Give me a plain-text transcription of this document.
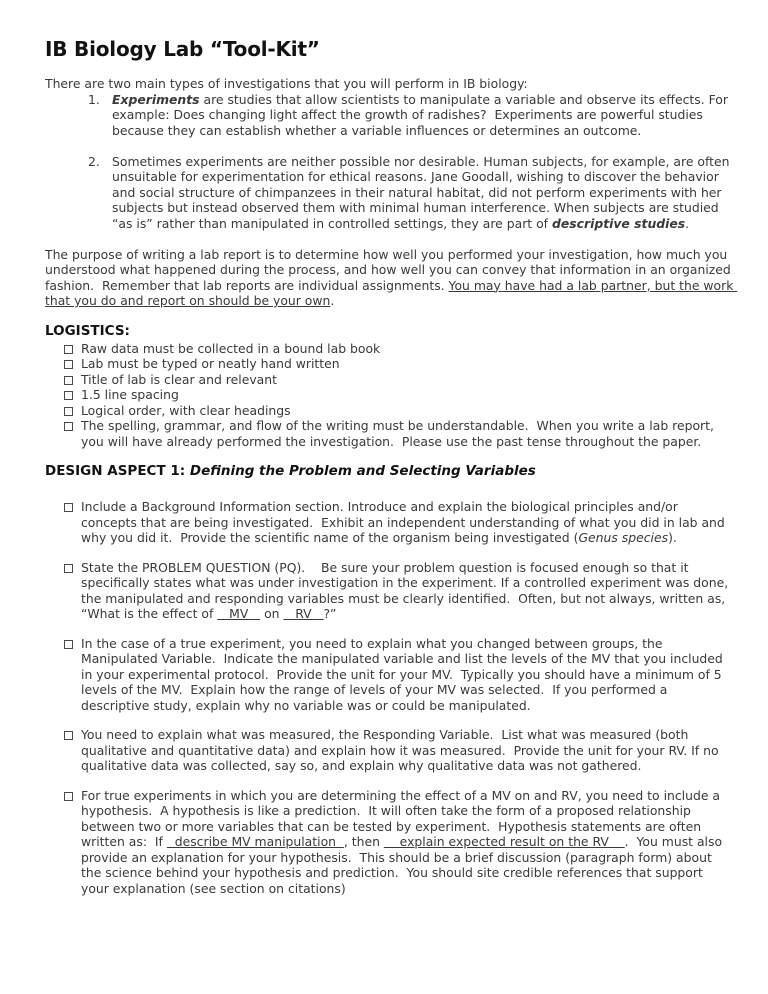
IB Biology Lab “Tool-Kit”

There are two main types of investigations that you will perform in IB biology:

1. Experiments are studies that allow scientists to manipulate a variable and observe its effects. For example: Does changing light affect the growth of radishes?  Experiments are powerful studies because they can establish whether a variable influences or determines an outcome.
2. Sometimes experiments are neither possible nor desirable. Human subjects, for example, are often unsuitable for experimentation for ethical reasons. Jane Goodall, wishing to discover the behavior and social structure of chimpanzees in their natural habitat, did not perform experiments with her subjects but instead observed them with minimal human interference. When subjects are studied “as is” rather than manipulated in controlled settings, they are part of descriptive studies.

The purpose of writing a lab report is to determine how well you performed your investigation, how much you understood what happened during the process, and how well you can convey that information in an organized fashion.  Remember that lab reports are individual assignments. You may have had a lab partner, but the work that you do and report on should be your own.

LOGISTICS:
Raw data must be collected in a bound lab book
Lab must be typed or neatly hand written
Title of lab is clear and relevant
1.5 line spacing
Logical order, with clear headings
The spelling, grammar, and flow of the writing must be understandable.  When you write a lab report, you will have already performed the investigation.  Please use the past tense throughout the paper.
DESIGN ASPECT 1: Defining the Problem and Selecting Variables
Include a Background Information section. Introduce and explain the biological principles and/or concepts that are being investigated.  Exhibit an independent understanding of what you did in lab and why you did it.  Provide the scientific name of the organism being investigated (Genus species).
State the PROBLEM QUESTION (PQ).    Be sure your problem question is focused enough so that it specifically states what was under investigation in the experiment. If a controlled experiment was done, the manipulated and responding variables must be clearly identified.  Often, but not always, written as, “What is the effect of    MV    on    RV   ?”
In the case of a true experiment, you need to explain what you changed between groups, the Manipulated Variable.  Indicate the manipulated variable and list the levels of the MV that you included in your experimental protocol.  Provide the unit for your MV.  Typically you should have a minimum of 5 levels of the MV.  Explain how the range of levels of your MV was selected.  If you performed a descriptive study, explain why no variable was or could be manipulated.
You need to explain what was measured, the Responding Variable.  List what was measured (both qualitative and quantitative data) and explain how it was measured.  Provide the unit for your RV. If no qualitative data was collected, say so, and explain why qualitative data was not gathered.
For true experiments in which you are determining the effect of a MV on and RV, you need to include a hypothesis.  A hypothesis is like a prediction.  It will often take the form of a proposed relationship between two or more variables that can be tested by experiment.  Hypothesis statements are often written as:  If   describe MV manipulation  , then     explain expected result on the RV    .  You must also provide an explanation for your hypothesis.  This should be a brief discussion (paragraph form) about the science behind your hypothesis and prediction.  You should site credible references that support your explanation (see section on citations)
